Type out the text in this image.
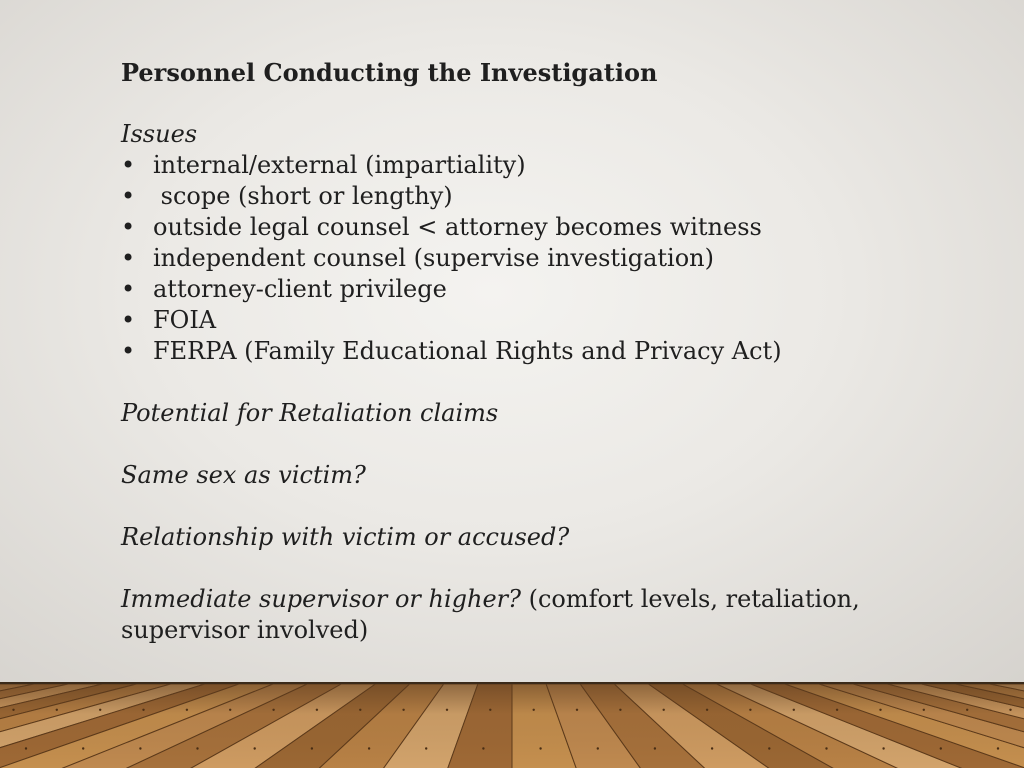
Personnel Conducting the Investigation

Issues
• internal/external (impartiality)
• scope (short or lengthy)
• outside legal counsel < attorney becomes witness
• independent counsel (supervise investigation)
• attorney-client privilege
• FOIA
• FERPA (Family Educational Rights and Privacy Act)
Potential for Retaliation claims
Same sex as victim?
Relationship with victim or accused?
Immediate supervisor or higher? (comfort levels, retaliation, supervisor involved)
